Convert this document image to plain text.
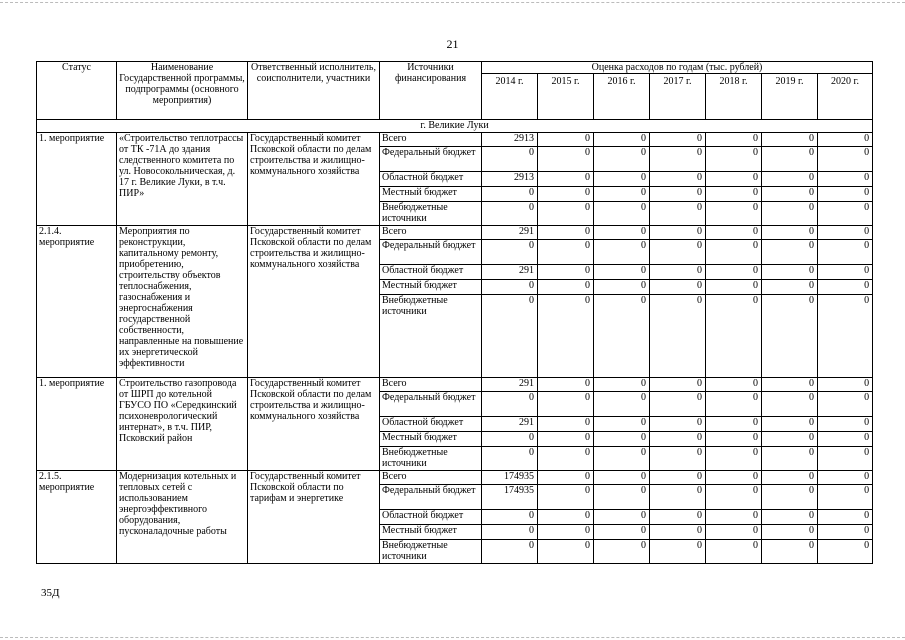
21
Статус	Наименование Государственной программы, подпрограммы (основного мероприятия)	Ответственный исполнитель, соисполнители, участники	Источники финансирования	Оценка расходов по годам (тыс. рублей)						
				2014 г.	2015 г.	2016 г.	2017 г.	2018 г.	2019 г.	2020 г.
г. Великие Луки										
1. мероприятие	«Строительство теплотрассы от ТК -71А до здания следственного комитета по ул. Новосокольническая, д. 17 г. Великие Луки, в т.ч. ПИР»	Государственный комитет Псковской области по делам строительства и жилищно-коммунального хозяйства	Всего	2913	0	0	0	0	0	0
			Федеральный бюджет	0	0	0	0	0	0	0
			Областной бюджет	2913	0	0	0	0	0	0
			Местный бюджет	0	0	0	0	0	0	0
			Внебюджетные источники	0	0	0	0	0	0	0
2.1.4. мероприятие	Мероприятия по реконструкции, капитальному ремонту, приобретению, строительству объектов теплоснабжения, газоснабжения и энергоснабжения государственной собственности, направленные на повышение их энергетической эффективности	Государственный комитет Псковской области по делам строительства и жилищно-коммунального хозяйства	Всего	291	0	0	0	0	0	0
			Федеральный бюджет	0	0	0	0	0	0	0
			Областной бюджет	291	0	0	0	0	0	0
			Местный бюджет	0	0	0	0	0	0	0
			Внебюджетные источники	0	0	0	0	0	0	0
1. мероприятие	Строительство газопровода от ШРП до котельной ГБУСО ПО «Середкинский психоневрологический интернат», в т.ч. ПИР, Псковский район	Государственный комитет Псковской области по делам строительства и жилищно-коммунального хозяйства	Всего	291	0	0	0	0	0	0
			Федеральный бюджет	0	0	0	0	0	0	0
			Областной бюджет	291	0	0	0	0	0	0
			Местный бюджет	0	0	0	0	0	0	0
			Внебюджетные источники	0	0	0	0	0	0	0
2.1.5. мероприятие	Модернизация котельных и тепловых сетей с использованием энергоэффективного оборудования, пусконаладочные работы	Государственный комитет Псковской области по тарифам и энергетике	Всего	174935	0	0	0	0	0	0
			Федеральный бюджет	174935	0	0	0	0	0	0
			Областной бюджет	0	0	0	0	0	0	0
			Местный бюджет	0	0	0	0	0	0	0
			Внебюджетные источники	0	0	0	0	0	0	0
35Д
